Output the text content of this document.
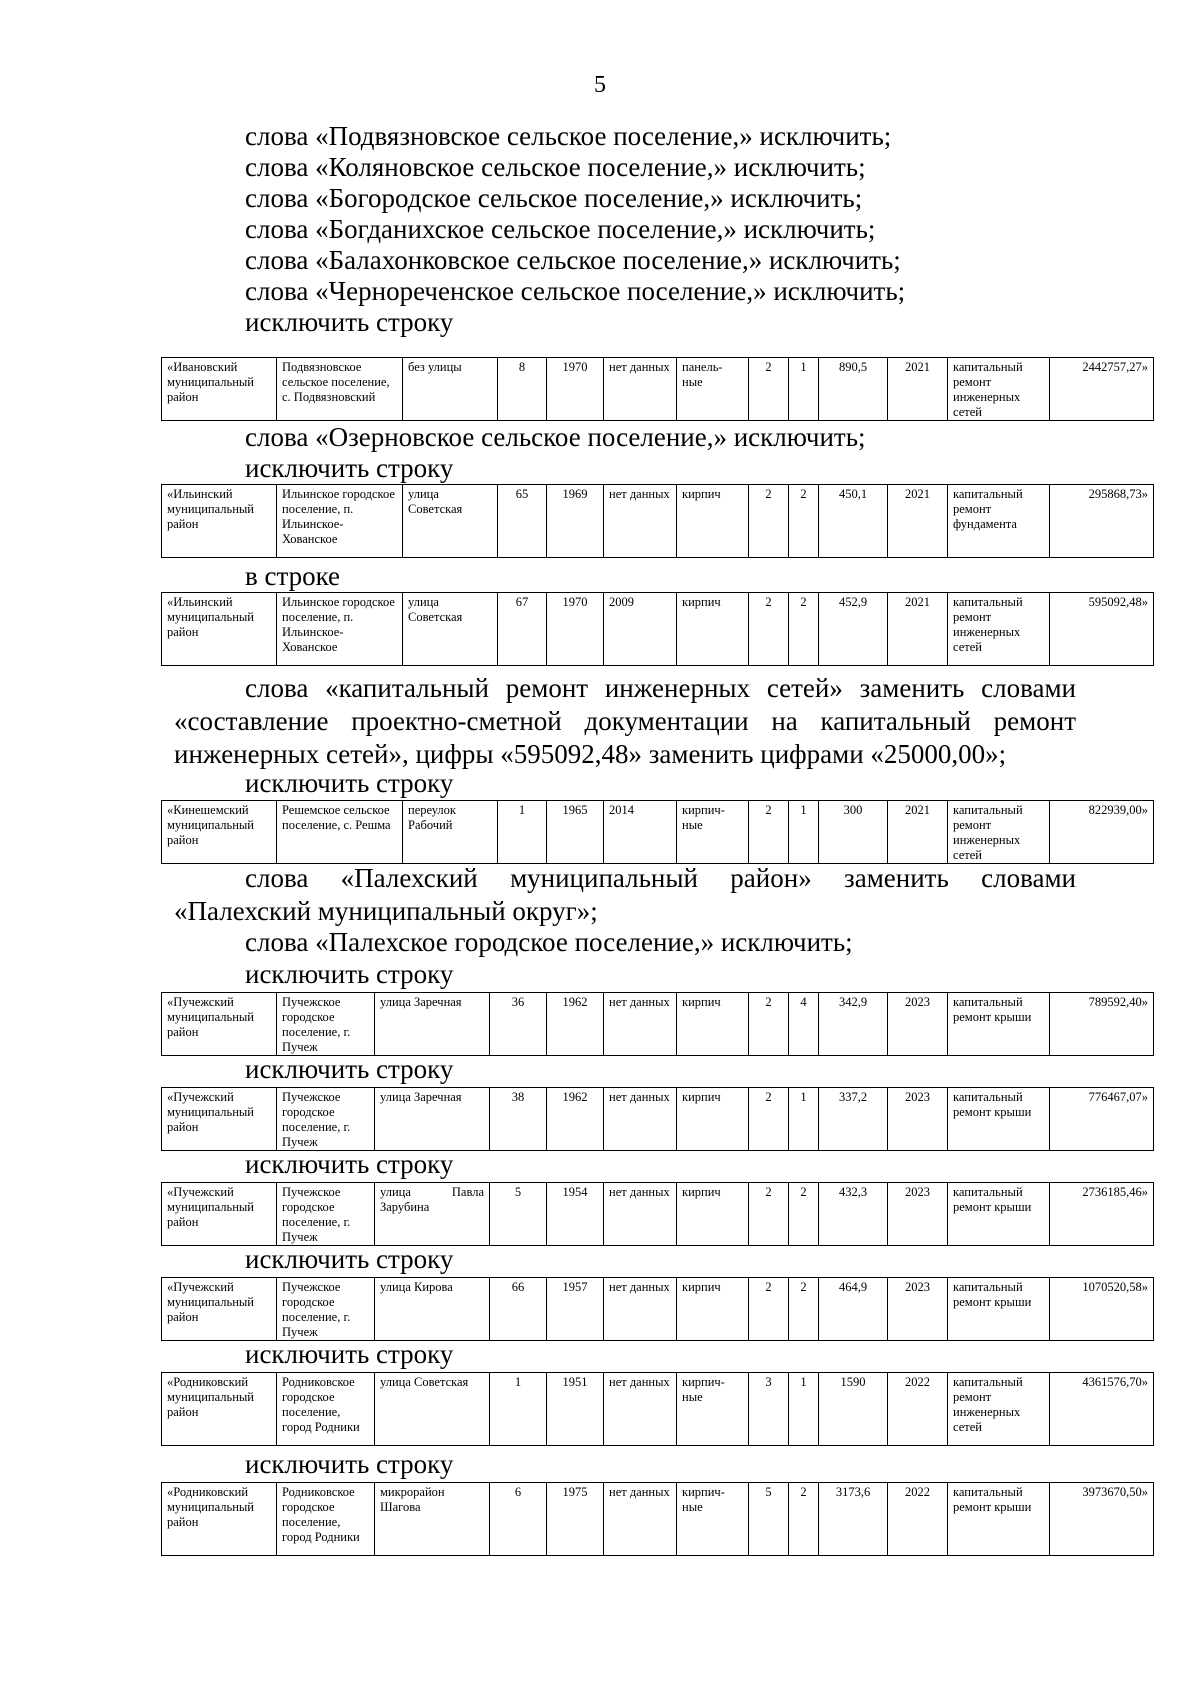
5
слова «Подвязновское сельское поселение,» исключить;
слова «Коляновское сельское поселение,» исключить;
слова «Богородское сельское поселение,» исключить;
слова «Богданихское сельское поселение,» исключить;
слова «Балахонковское сельское поселение,» исключить;
слова «Чернореченское сельское поселение,» исключить;
исключить строку
«Ивановский муниципальный район	Подвязновское сельское поселение, с. Подвязновский	без улицы	8	1970	нет данных	панель-ные	2	1	890,5	2021	капитальный ремонт инженерных сетей	2442757,27»
слова «Озерновское сельское поселение,» исключить;
исключить строку
«Ильинский муниципальный район	Ильинское городское поселение, п. Ильинское-Хованское	улица Советская	65	1969	нет данных	кирпич	2	2	450,1	2021	капитальный ремонт фундамента	295868,73»
в строке
«Ильинский муниципальный район	Ильинское городское поселение, п. Ильинское-Хованское	улица Советская	67	1970	2009	кирпич	2	2	452,9	2021	капитальный ремонт инженерных сетей	595092,48»
слова «капитальный ремонт инженерных сетей» заменить словами
«составление проектно-сметной документации на капитальный ремонт
инженерных сетей», цифры «595092,48» заменить цифрами «25000,00»;
исключить строку
«Кинешемский муниципальный район	Решемское сельское поселение, с. Решма	переулок Рабочий	1	1965	2014	кирпич-ные	2	1	300	2021	капитальный ремонт инженерных сетей	822939,00»
слова «Палехский муниципальный район» заменить словами
«Палехский муниципальный округ»;
слова «Палехское городское поселение,» исключить;
исключить строку
«Пучежский муниципальный район	Пучежское городское поселение, г. Пучеж	улица Заречная	36	1962	нет данных	кирпич	2	4	342,9	2023	капитальный ремонт крыши	789592,40»
исключить строку
«Пучежский муниципальный район	Пучежское городское поселение, г. Пучеж	улица Заречная	38	1962	нет данных	кирпич	2	1	337,2	2023	капитальный ремонт крыши	776467,07»
исключить строку
«Пучежский муниципальный район	Пучежское городское поселение, г. Пучеж	улица Павла Зарубина	5	1954	нет данных	кирпич	2	2	432,3	2023	капитальный ремонт крыши	2736185,46»
исключить строку
«Пучежский муниципальный район	Пучежское городское поселение, г. Пучеж	улица Кирова	66	1957	нет данных	кирпич	2	2	464,9	2023	капитальный ремонт крыши	1070520,58»
исключить строку
«Родниковский муниципальный район	Родниковское городское поселение, город Родники	улица Советская	1	1951	нет данных	кирпич-ные	3	1	1590	2022	капитальный ремонт инженерных сетей	4361576,70»
исключить строку
«Родниковский муниципальный район	Родниковское городское поселение, город Родники	микрорайон Шагова	6	1975	нет данных	кирпич-ные	5	2	3173,6	2022	капитальный ремонт крыши	3973670,50»
